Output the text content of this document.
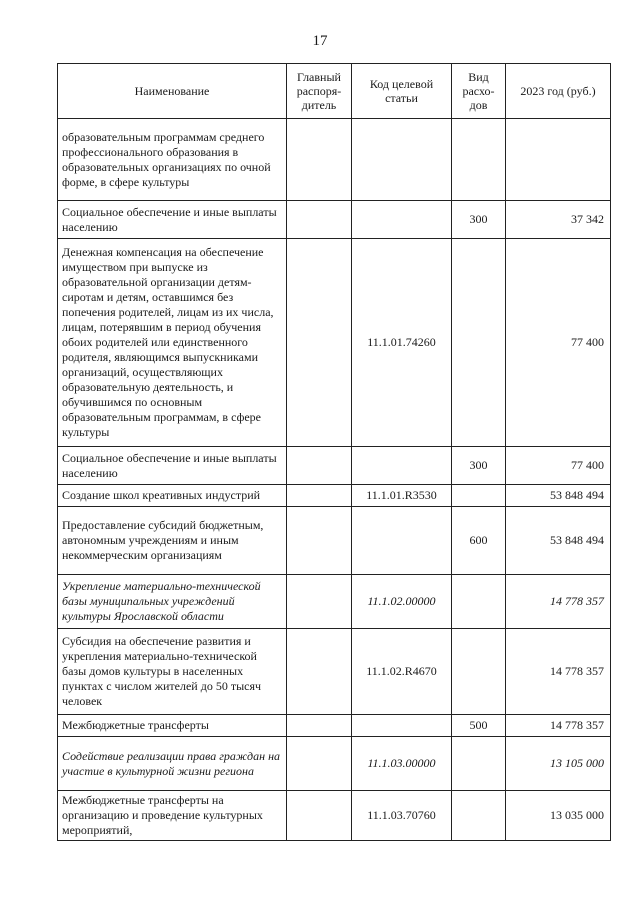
17
Наименование	Главный распоря-дитель	Код целевой статьи	Вид расхо-дов	2023 год (руб.)
образовательным программам среднего профессионального образования в образовательных организациях по очной форме, в сфере культуры				
Социальное обеспечение и иные выплаты населению			300	37 342
Денежная компенсация на обеспечение имуществом при выпуске из образовательной организации детям-сиротам и детям, оставшимся без попечения родителей, лицам из их числа, лицам, потерявшим в период обучения обоих родителей или единственного родителя, являющимся выпускниками организаций, осуществляющих образовательную деятельность, и обучившимся по основным образовательным программам, в сфере культуры		11.1.01.74260		77 400
Социальное обеспечение и иные выплаты населению			300	77 400
Создание школ креативных индустрий		11.1.01.R3530		53 848 494
Предоставление субсидий бюджетным, автономным учреждениям и иным некоммерческим организациям			600	53 848 494
Укрепление материально-технической базы муниципальных учреждений культуры Ярославской области		11.1.02.00000		14 778 357
Субсидия на обеспечение развития и укрепления материально-технической базы домов культуры в населенных пунктах с числом жителей до 50 тысяч человек		11.1.02.R4670		14 778 357
Межбюджетные трансферты			500	14 778 357
Содействие реализации права граждан на участие в культурной жизни региона		11.1.03.00000		13 105 000
Межбюджетные трансферты на организацию и проведение культурных мероприятий,		11.1.03.70760		13 035 000
